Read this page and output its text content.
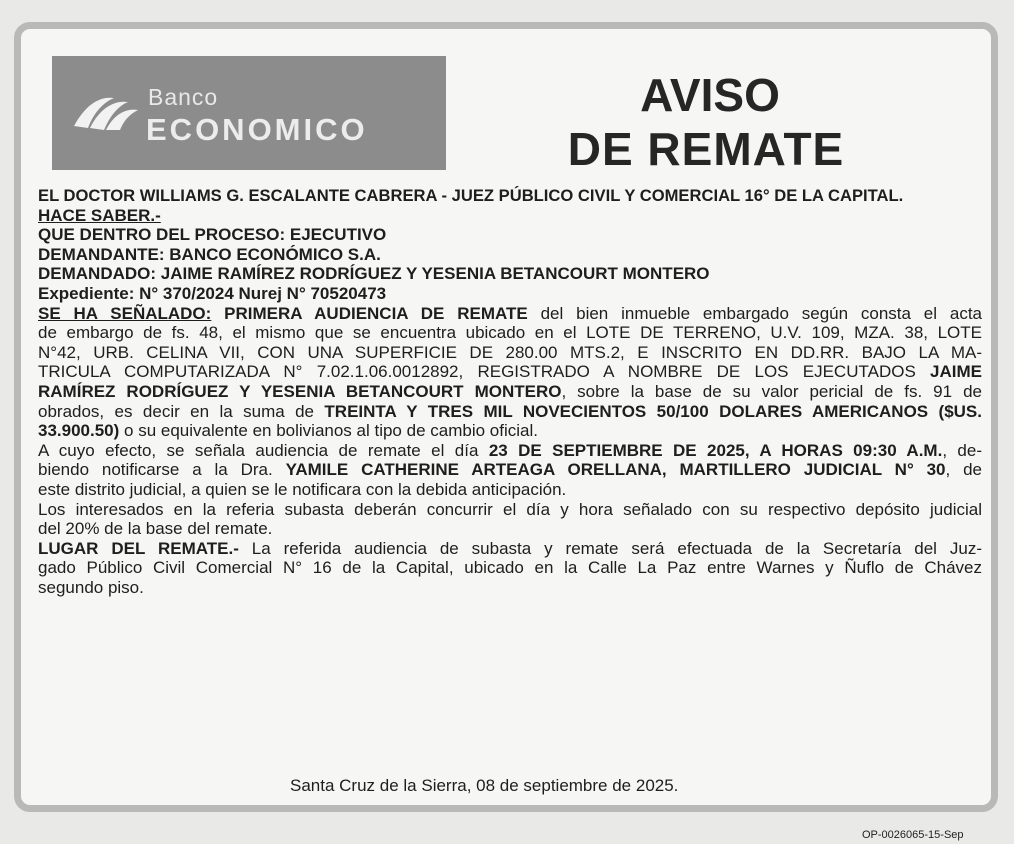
Banco
ECONOMICO
AVISO
DE REMATE
EL DOCTOR WILLIAMS G. ESCALANTE CABRERA - JUEZ PÚBLICO CIVIL Y COMERCIAL 16° DE LA CAPITAL.
HACE SABER.-
QUE DENTRO DEL PROCESO: EJECUTIVO
DEMANDANTE: BANCO ECONÓMICO S.A.
DEMANDADO: JAIME RAMÍREZ RODRÍGUEZ Y YESENIA BETANCOURT MONTERO
Expediente: N° 370/2024 Nurej N° 70520473
SE HA SEÑALADO: PRIMERA AUDIENCIA DE REMATE del bien inmueble embargado según consta el acta
de embargo de fs. 48, el mismo que se encuentra ubicado en el LOTE DE TERRENO, U.V. 109, MZA. 38, LOTE
N°42, URB. CELINA VII, CON UNA SUPERFICIE DE 280.00 MTS.2, E INSCRITO EN DD.RR. BAJO LA MA-
TRICULA COMPUTARIZADA N° 7.02.1.06.0012892, REGISTRADO A NOMBRE DE LOS EJECUTADOS JAIME
RAMÍREZ RODRÍGUEZ Y YESENIA BETANCOURT MONTERO, sobre la base de su valor pericial de fs. 91 de
obrados, es decir en la suma de TREINTA Y TRES MIL NOVECIENTOS 50/100 DOLARES AMERICANOS ($US.
33.900.50) o su equivalente en bolivianos al tipo de cambio oficial.
A cuyo efecto, se señala audiencia de remate el día 23 DE SEPTIEMBRE DE 2025, A HORAS 09:30 A.M., de-
biendo notificarse a la Dra. YAMILE CATHERINE ARTEAGA ORELLANA, MARTILLERO JUDICIAL N° 30, de
este distrito judicial, a quien se le notificara con la debida anticipación.
Los interesados en la referia subasta deberán concurrir el día y hora señalado con su respectivo depósito judicial
del 20% de la base del remate.
LUGAR DEL REMATE.- La referida audiencia de subasta y remate será efectuada de la Secretaría del Juz-
gado Público Civil Comercial N° 16 de la Capital, ubicado en la Calle La Paz entre Warnes y Ñuflo de Chávez
segundo piso.
Santa Cruz de la Sierra, 08 de septiembre de 2025.
OP-0026065-15-Sep
